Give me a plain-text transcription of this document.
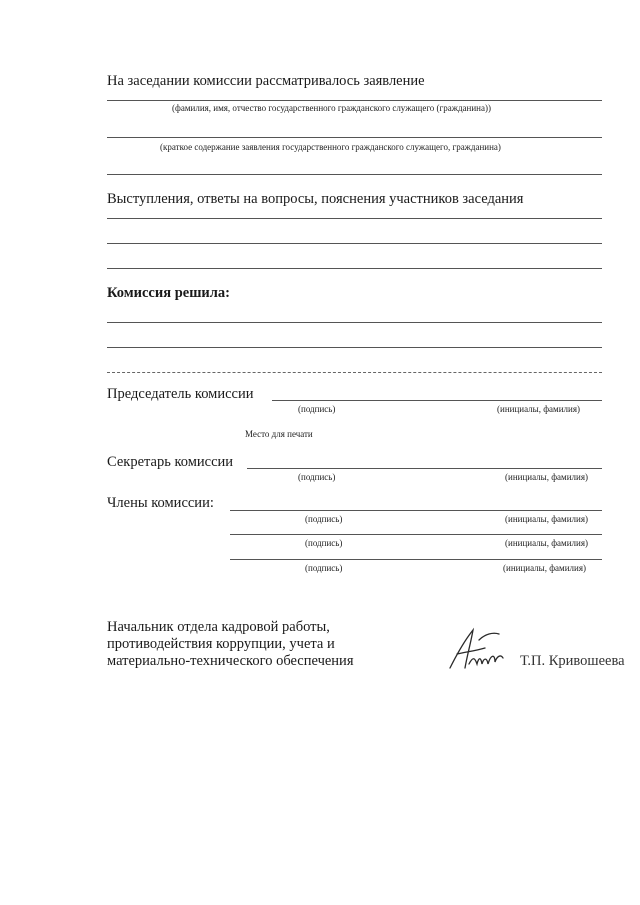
На заседании комиссии рассматривалось заявление
(фамилия, имя, отчество государственного гражданского служащего (гражданина))
(краткое содержание заявления государственного гражданского служащего, гражданина)
Выступления, ответы на вопросы, пояснения участников заседания
Комиссия решила:
Председатель комиссии
(подпись)	(инициалы, фамилия)
Место для печати
Секретарь комиссии
(подпись)	(инициалы, фамилия)
Члены комиссии:
(подпись)	(инициалы, фамилия)
(подпись)	(инициалы, фамилия)
(подпись)	(инициалы, фамилия)
Начальник отдела кадровой работы,
противодействия коррупции, учета и
материально-технического обеспечения	Т.П. Кривошеева
